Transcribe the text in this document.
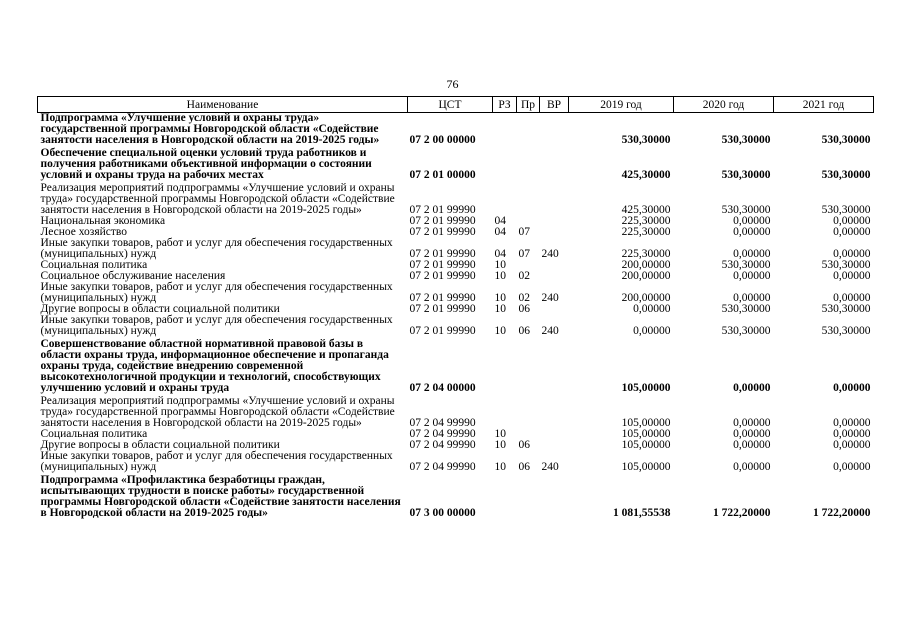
76
Наименование	ЦСТ	РЗ	Пр	ВР	2019 год	2020 год	2021 год
Подпрограмма «Улучшение условий и охраны труда» государственной программы Новгородской области «Содействие занятости населения в Новгородской области на 2019-2025 годы»	07 2 00 00000				530,30000	530,30000	530,30000
Обеспечение специальной оценки условий труда работников и получения работниками объективной информации о состоянии условий и охраны труда на рабочих местах	07 2 01 00000				425,30000	530,30000	530,30000
Реализация мероприятий подпрограммы «Улучшение условий и охраны труда» государственной программы Новгородской области «Содействие занятости населения в Новгородской области на 2019-2025 годы»	07 2 01 99990				425,30000	530,30000	530,30000
Национальная экономика	07 2 01 99990	04			225,30000	0,00000	0,00000
Лесное хозяйство	07 2 01 99990	04	07		225,30000	0,00000	0,00000
Иные закупки товаров, работ и услуг для обеспечения государственных (муниципальных) нужд	07 2 01 99990	04	07	240	225,30000	0,00000	0,00000
Социальная политика	07 2 01 99990	10			200,00000	530,30000	530,30000
Социальное обслуживание населения	07 2 01 99990	10	02		200,00000	0,00000	0,00000
Иные закупки товаров, работ и услуг для обеспечения государственных (муниципальных) нужд	07 2 01 99990	10	02	240	200,00000	0,00000	0,00000
Другие вопросы в области социальной политики	07 2 01 99990	10	06		0,00000	530,30000	530,30000
Иные закупки товаров, работ и услуг для обеспечения государственных (муниципальных) нужд	07 2 01 99990	10	06	240	0,00000	530,30000	530,30000
Совершенствование областной нормативной правовой базы в области охраны труда, информационное обеспечение и пропаганда охраны труда, содействие внедрению современной высокотехнологичной продукции и технологий, способствующих улучшению условий и охраны труда	07 2 04 00000				105,00000	0,00000	0,00000
Реализация мероприятий подпрограммы «Улучшение условий и охраны труда» государственной программы Новгородской области «Содействие занятости населения в Новгородской области на 2019-2025 годы»	07 2 04 99990				105,00000	0,00000	0,00000
Социальная политика	07 2 04 99990	10			105,00000	0,00000	0,00000
Другие вопросы в области социальной политики	07 2 04 99990	10	06		105,00000	0,00000	0,00000
Иные закупки товаров, работ и услуг для обеспечения государственных (муниципальных) нужд	07 2 04 99990	10	06	240	105,00000	0,00000	0,00000
Подпрограмма «Профилактика безработицы граждан, испытывающих трудности в поиске работы» государственной программы Новгородской области «Содействие занятости населения в Новгородской области на 2019-2025 годы»	07 3 00 00000				1 081,55538	1 722,20000	1 722,20000
